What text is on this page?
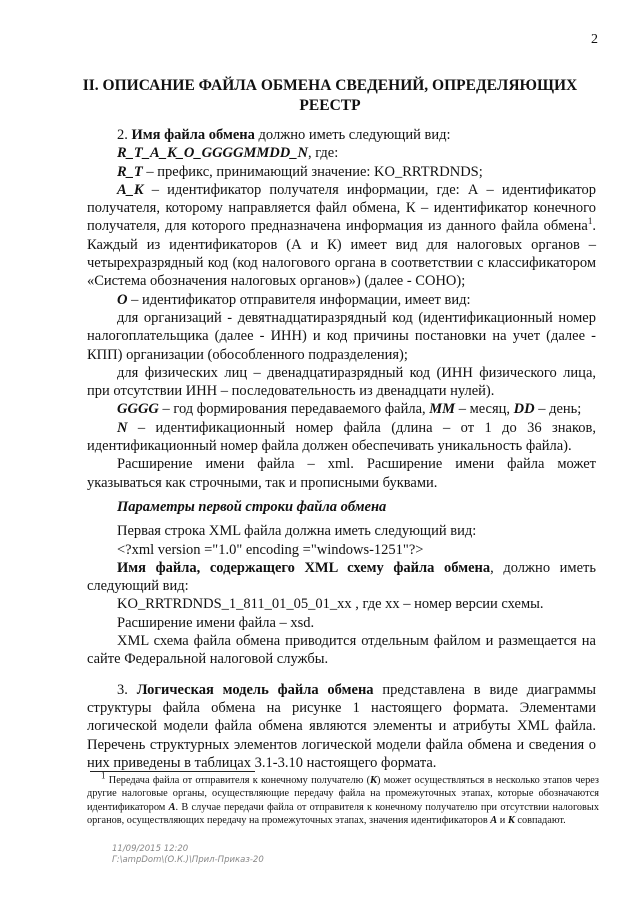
2
II. ОПИСАНИЕ ФАЙЛА ОБМЕНА СВЕДЕНИЙ, ОПРЕДЕЛЯЮЩИХ РЕЕСТР

2. Имя файла обмена должно иметь следующий вид:

R_T_A_K_O_GGGGMMDD_N, где:

R_T – префикс, принимающий значение: KO_RRTRDNDS;

A_K – идентификатор получателя информации, где: А – идентификатор получателя, которому направляется файл обмена, К – идентификатор конечного получателя, для которого предназначена информация из данного файла обмена$^1$. Каждый из идентификаторов (А и К) имеет вид для налоговых органов – четырехразрядный код (код налогового органа в соответствии с классификатором «Система обозначения налоговых органов») (далее - СОНО);

O – идентификатор отправителя информации, имеет вид:

для организаций - девятнадцатиразрядный код (идентификационный номер налогоплательщика (далее - ИНН) и код причины постановки на учет (далее - КПП) организации (обособленного подразделения);

для физических лиц – двенадцатиразрядный код (ИНН физического лица, при отсутствии ИНН – последовательность из двенадцати нулей).

GGGG – год формирования передаваемого файла, MM – месяц, DD – день;

N – идентификационный номер файла (длина – от 1 до 36 знаков, идентификационный номер файла должен обеспечивать уникальность файла).

Расширение имени файла – xml. Расширение имени файла может указываться как строчными, так и прописными буквами.

Параметры первой строки файла обмена

Первая строка XML файла должна иметь следующий вид:

<?xml version ="1.0" encoding ="windows-1251"?>

Имя файла, содержащего XML схему файла обмена, должно иметь следующий вид:

KO_RRTRDNDS_1_811_01_05_01_xx , где хх – номер версии схемы.

Расширение имени файла – xsd.

XML схема файла обмена приводится отдельным файлом и размещается на сайте Федеральной налоговой службы.

3. Логическая модель файла обмена представлена в виде диаграммы структуры файла обмена на рисунке 1 настоящего формата. Элементами логической модели файла обмена являются элементы и атрибуты XML файла. Перечень структурных элементов логической модели файла обмена и сведения о них приведены в таблицах 3.1-3.10 настоящего формата.

$^1$ Передача файла от отправителя к конечному получателю (К) может осуществляться в несколько этапов через другие налоговые органы, осуществляющие передачу файла на промежуточных этапах, которые обозначаются идентификатором А. В случае передачи файла от отправителя к конечному получателю при отсутствии налоговых органов, осуществляющих передачу на промежуточных этапах, значения идентификаторов А и К совпадают.

11/09/2015 12:20
Г:\ampDom\(О.К.)\Прил-Приказ-20
